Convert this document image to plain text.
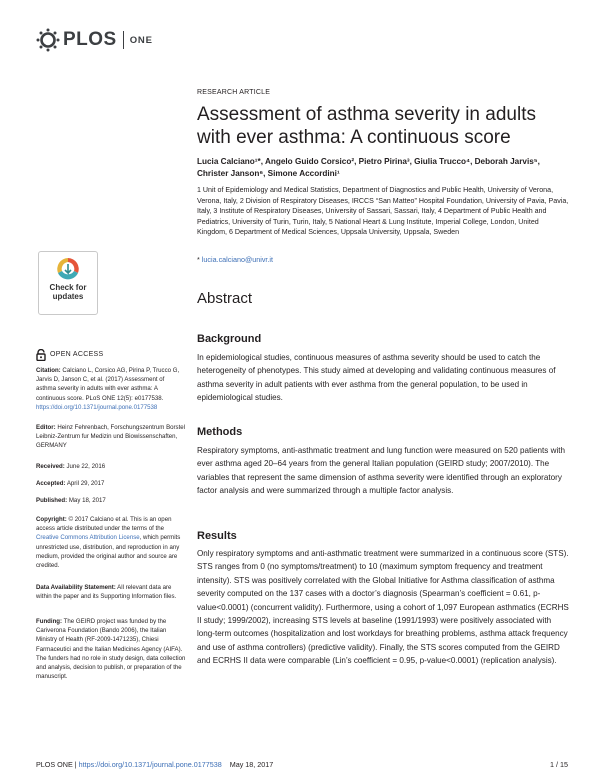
PLOS ONE
RESEARCH ARTICLE
Assessment of asthma severity in adults with ever asthma: A continuous score
Lucia Calciano¹*, Angelo Guido Corsico², Pietro Pirina³, Giulia Trucco⁴, Deborah Jarvis⁵,
Christer Janson⁶, Simone Accordini¹
1 Unit of Epidemiology and Medical Statistics, Department of Diagnostics and Public Health, University of Verona, Verona, Italy, 2 Division of Respiratory Diseases, IRCCS “San Matteo” Hospital Foundation, University of Pavia, Pavia, Italy, 3 Institute of Respiratory Diseases, University of Sassari, Sassari, Italy, 4 Department of Public Health and Pediatrics, University of Turin, Turin, Italy, 5 National Heart & Lung Institute, Imperial College, London, United Kingdom, 6 Department of Medical Sciences, Uppsala University, Uppsala, Sweden
* lucia.calciano@univr.it
Abstract
Background
In epidemiological studies, continuous measures of asthma severity should be used to catch the heterogeneity of phenotypes. This study aimed at developing and validating continuous measures of asthma severity in adult patients with ever asthma from the general population, to be used in epidemiological studies.
Methods
Respiratory symptoms, anti-asthmatic treatment and lung function were measured on 520 patients with ever asthma aged 20–64 years from the general Italian population (GEIRD study; 2007/2010). The variables that represent the same dimension of asthma severity were identified through an exploratory factor analysis and were summarized through a multiple factor analysis.
Results
Only respiratory symptoms and anti-asthmatic treatment were summarized in a continuous score (STS). STS ranges from 0 (no symptoms/treatment) to 10 (maximum symptom frequency and treatment intensity). STS was positively correlated with the Global Initiative for Asthma classification of asthma severity computed on the 137 cases with a doctor’s diagnosis (Spearman’s coefficient = 0.61, p-value<0.0001) (concurrent validity). Furthermore, using a cohort of 1,097 European asthmatics (ECRHS II study; 1999/2002), increasing STS levels at baseline (1991/1993) were positively associated with long-term outcomes (hospitalization and lost workdays for breathing problems, asthma attack frequency and use of asthma controllers) (predictive validity). Finally, the STS scores computed from the GEIRD and ECRHS II data were comparable (Lin’s coefficient = 0.95, p-value<0.0001) (replication analysis).
Check for updates
OPEN ACCESS
Citation: Calciano L, Corsico AG, Pirina P, Trucco G, Jarvis D, Janson C, et al. (2017) Assessment of asthma severity in adults with ever asthma: A continuous score. PLoS ONE 12(5): e0177538. https://doi.org/10.1371/journal.pone.0177538
Editor: Heinz Fehrenbach, Forschungszentrum Borstel Leibniz-Zentrum fur Medizin und Biowissenschaften, GERMANY
Received: June 22, 2016
Accepted: April 29, 2017
Published: May 18, 2017
Copyright: © 2017 Calciano et al. This is an open access article distributed under the terms of the Creative Commons Attribution License, which permits unrestricted use, distribution, and reproduction in any medium, provided the original author and source are credited.
Data Availability Statement: All relevant data are within the paper and its Supporting Information files.
Funding: The GEIRD project was funded by the Cariverona Foundation (Bando 2006), the Italian Ministry of Health (RF-2009-1471235), Chiesi Farmaceutici and the Italian Medicines Agency (AIFA). The funders had no role in study design, data collection and analysis, decision to publish, or preparation of the manuscript.
PLOS ONE | https://doi.org/10.1371/journal.pone.0177538 May 18, 2017	1 / 15
